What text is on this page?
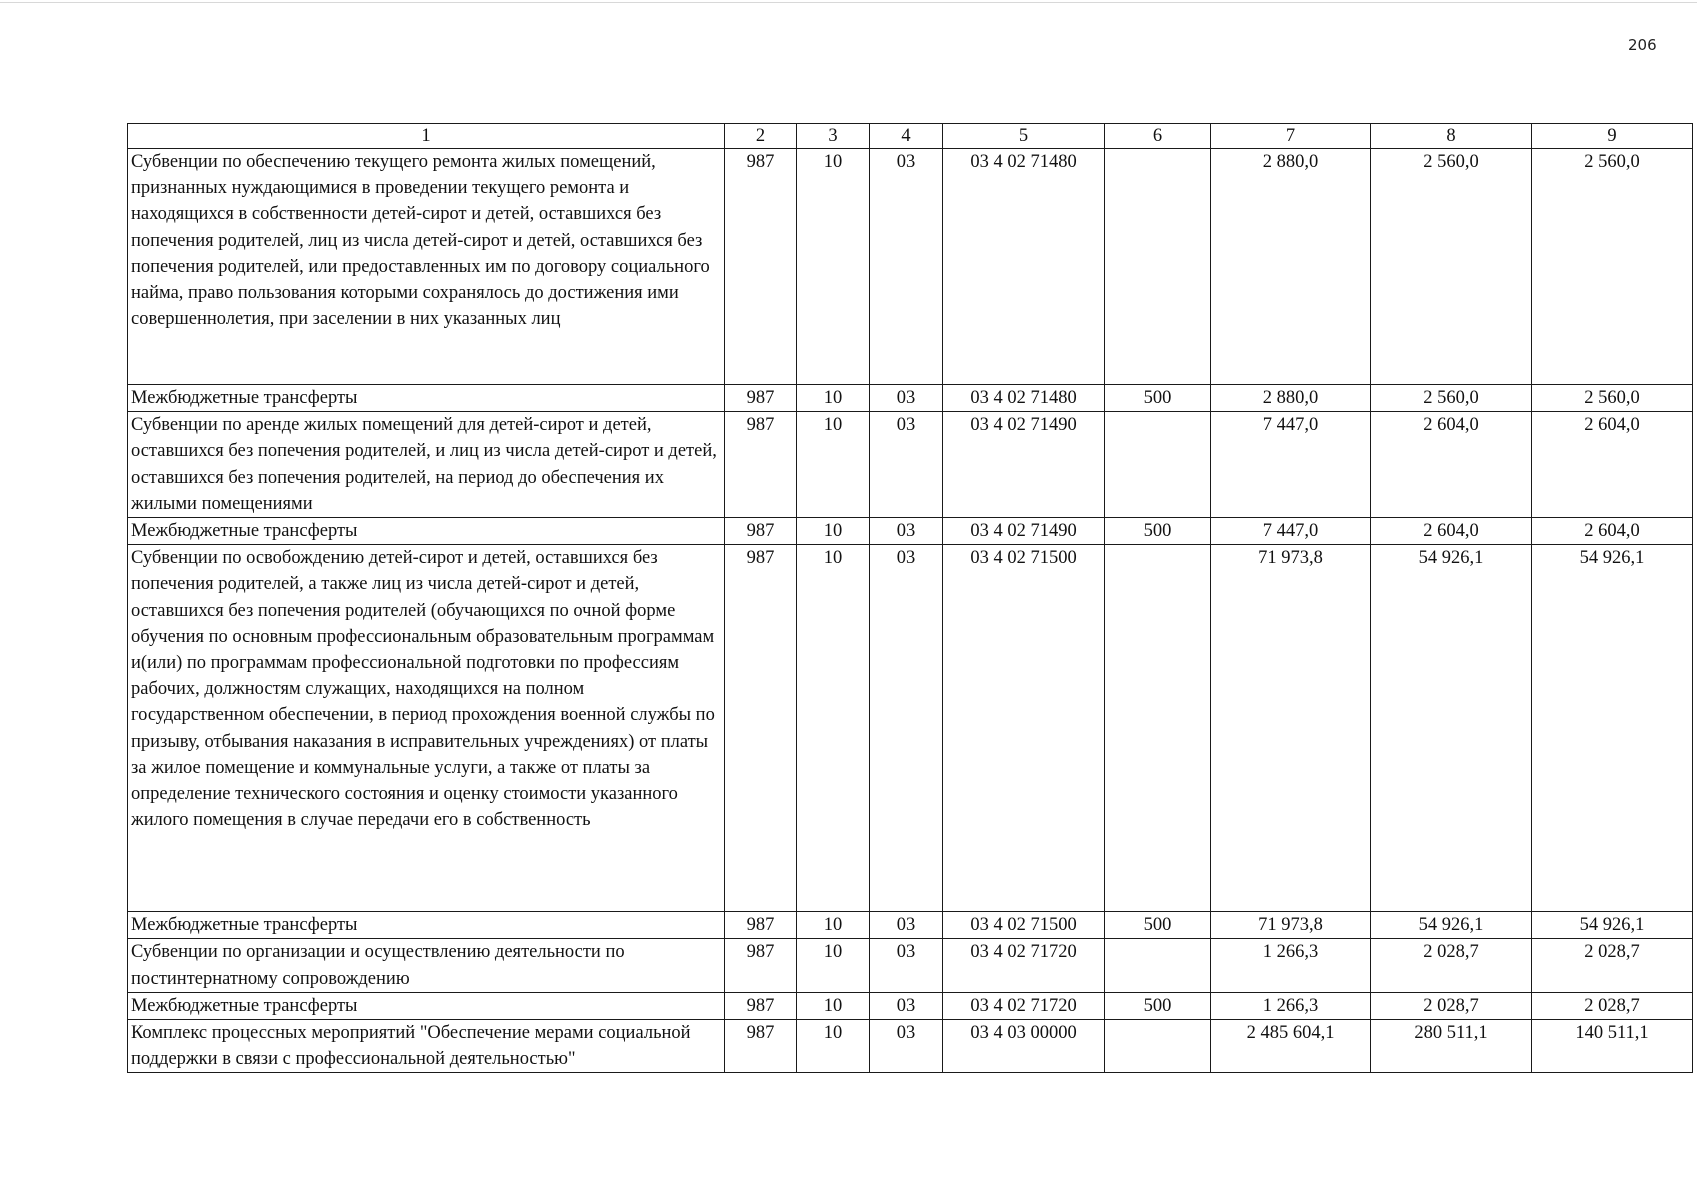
206
1	2	3	4	5	6	7	8	9
Субвенции по обеспечению текущего ремонта жилых помещений, признанных нуждающимися в проведении текущего ремонта и находящихся в собственности детей-сирот и детей, оставшихся без попечения родителей, лиц из числа детей-сирот и детей, оставшихся без попечения родителей, или предоставленных им по договору социального найма, право пользования которыми сохранялось до достижения ими совершеннолетия, при заселении в них указанных лиц	987	10	03	03 4 02 71480		2 880,0	2 560,0	2 560,0
Межбюджетные трансферты	987	10	03	03 4 02 71480	500	2 880,0	2 560,0	2 560,0
Субвенции по аренде жилых помещений для детей-сирот и детей, оставшихся без попечения родителей, и лиц из числа детей-сирот и детей, оставшихся без попечения родителей, на период до обеспечения их жилыми помещениями	987	10	03	03 4 02 71490		7 447,0	2 604,0	2 604,0
Межбюджетные трансферты	987	10	03	03 4 02 71490	500	7 447,0	2 604,0	2 604,0
Субвенции по освобождению детей-сирот и детей, оставшихся без попечения родителей, а также лиц из числа детей-сирот и детей, оставшихся без попечения родителей (обучающихся по очной форме обучения по основным профессиональным образовательным программам и(или) по программам профессиональной подготовки по профессиям рабочих, должностям служащих, находящихся на полном государственном обеспечении, в период прохождения военной службы по призыву, отбывания наказания в исправительных учреждениях) от платы за жилое помещение и коммунальные услуги, а также от платы за определение технического состояния и оценку стоимости указанного жилого помещения в случае передачи его в собственность	987	10	03	03 4 02 71500		71 973,8	54 926,1	54 926,1
Межбюджетные трансферты	987	10	03	03 4 02 71500	500	71 973,8	54 926,1	54 926,1
Субвенции по организации и осуществлению деятельности по постинтернатному сопровождению	987	10	03	03 4 02 71720		1 266,3	2 028,7	2 028,7
Межбюджетные трансферты	987	10	03	03 4 02 71720	500	1 266,3	2 028,7	2 028,7
Комплекс процессных мероприятий "Обеспечение мерами социальной поддержки в связи с профессиональной деятельностью"	987	10	03	03 4 03 00000		2 485 604,1	280 511,1	140 511,1
